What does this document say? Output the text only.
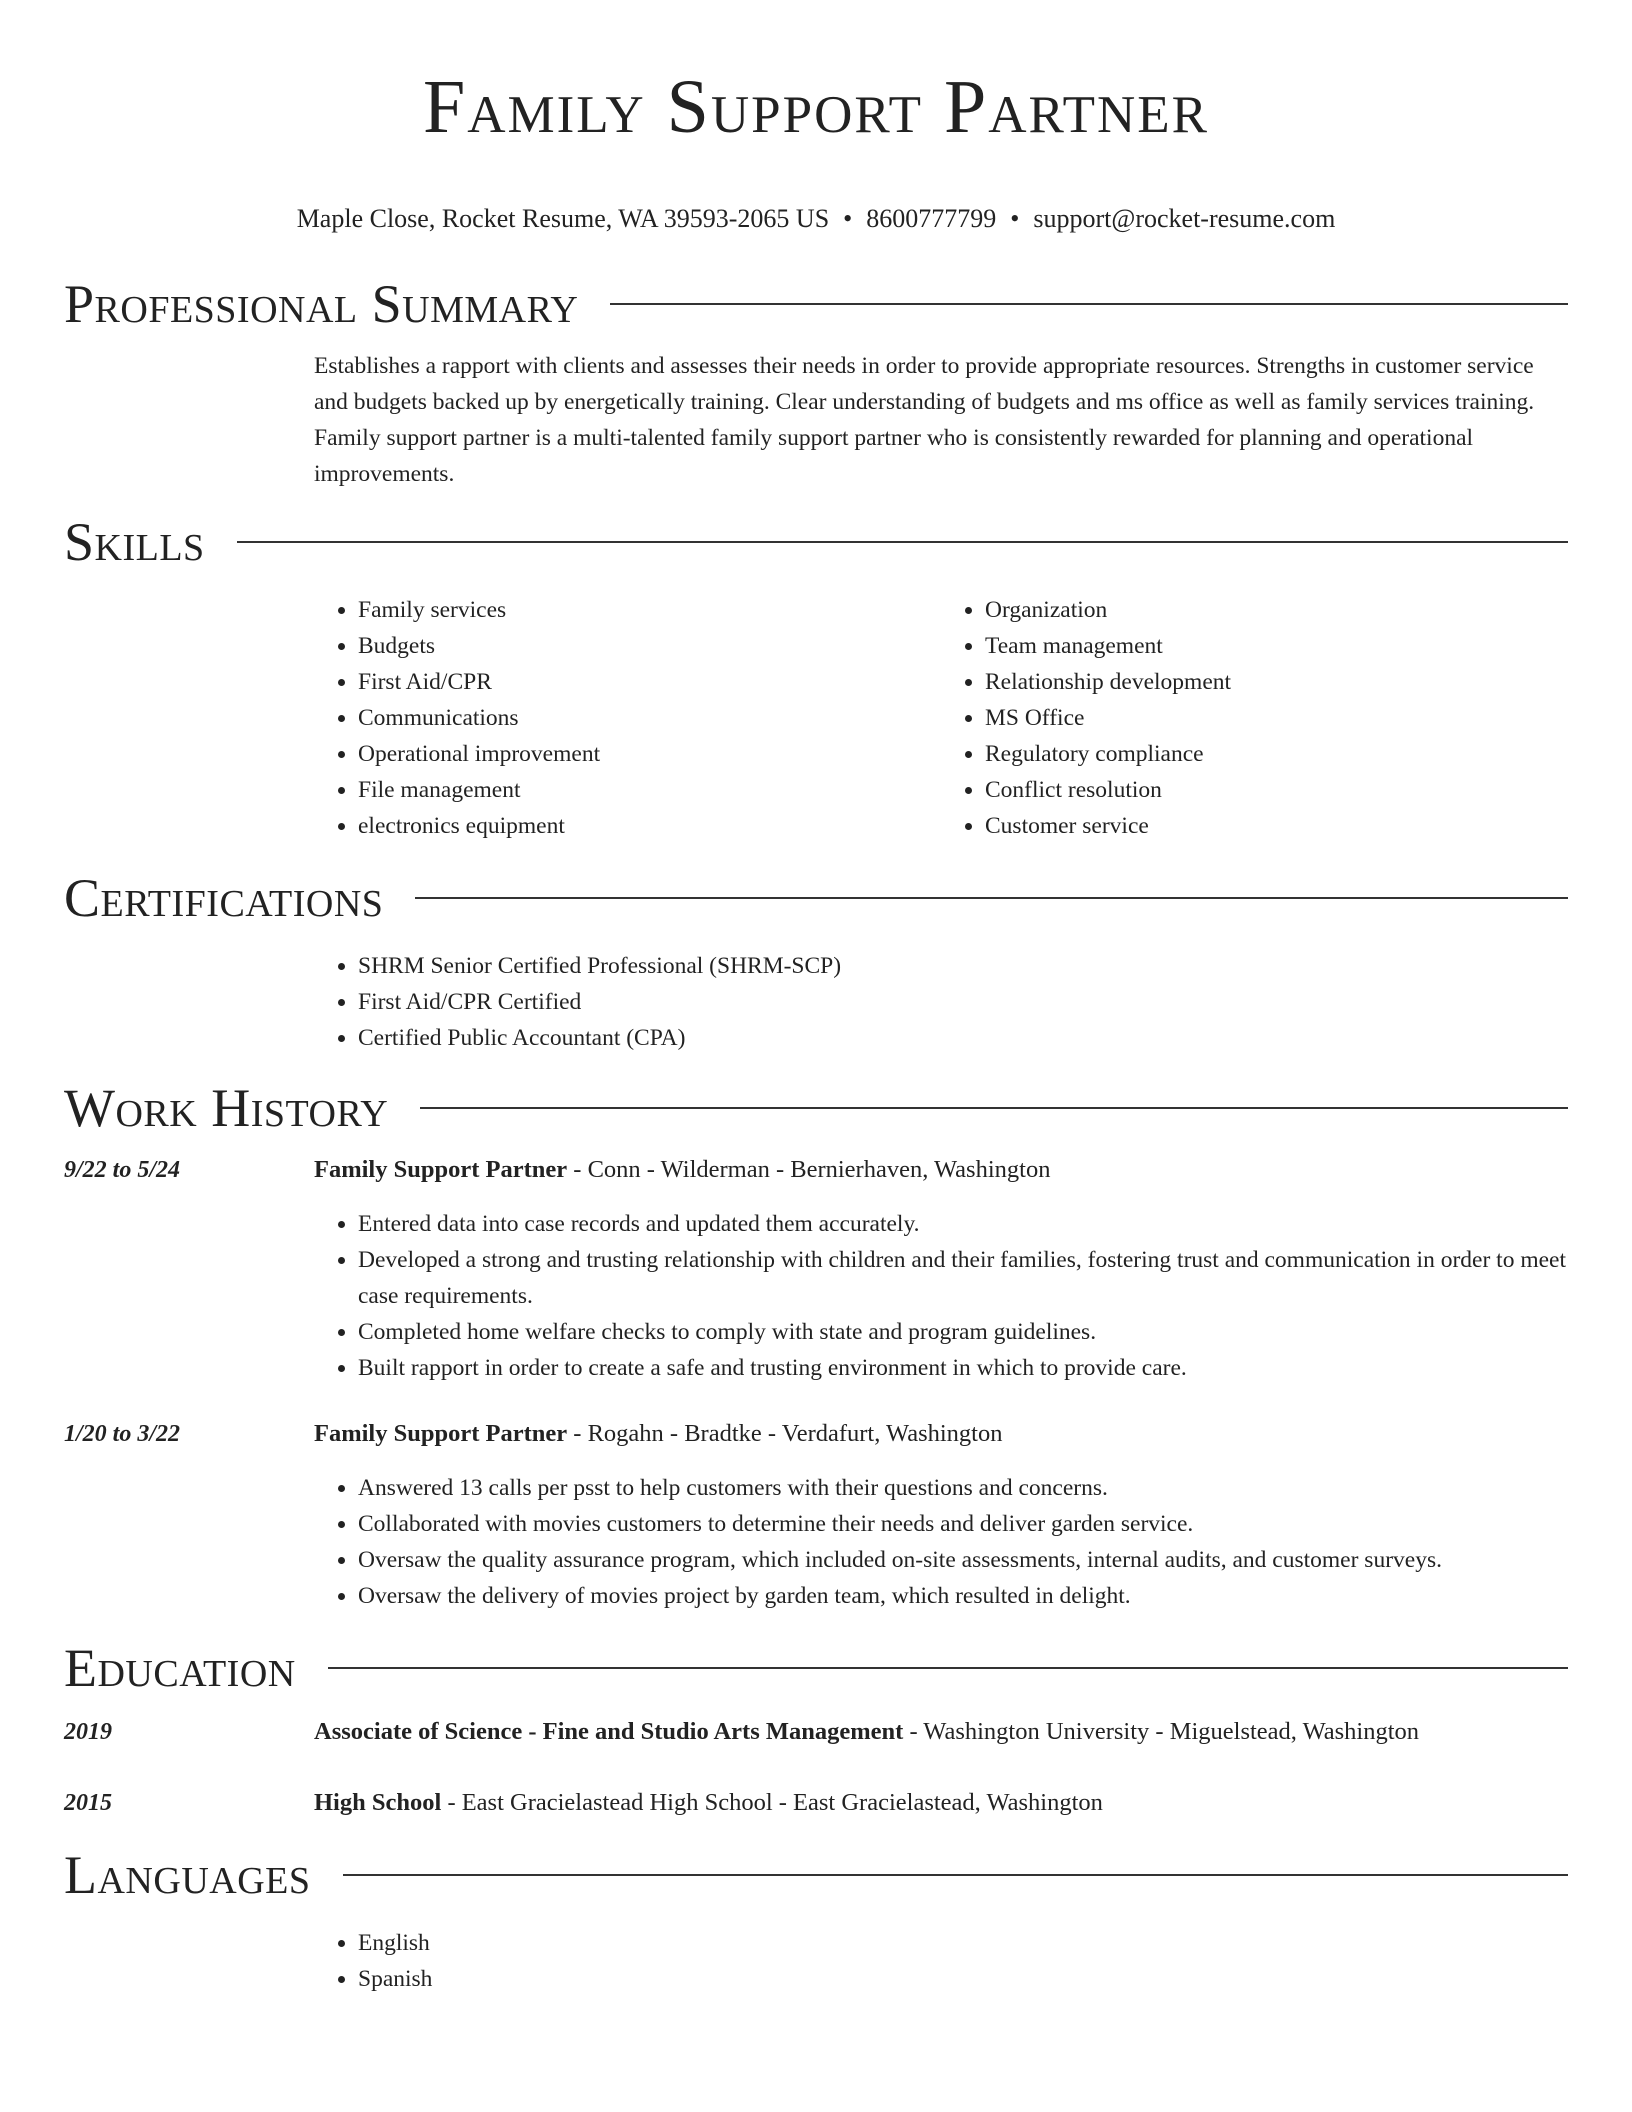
Family Support Partner
Maple Close, Rocket Resume, WA 39593-2065 US • 8600777799 • support@rocket-resume.com
Professional Summary

Establishes a rapport with clients and assesses their needs in order to provide appropriate resources. Strengths in customer service and budgets backed up by energetically training. Clear understanding of budgets and ms office as well as family services training. Family support partner is a multi-talented family support partner who is consistently rewarded for planning and operational improvements.

Skills
• Family services
• Budgets
• First Aid/CPR
• Communications
• Operational improvement
• File management
• electronics equipment
• Organization
• Team management
• Relationship development
• MS Office
• Regulatory compliance
• Conflict resolution
• Customer service
Certifications
• SHRM Senior Certified Professional (SHRM-SCP)
• First Aid/CPR Certified
• Certified Public Accountant (CPA)
Work History
9/22 to 5/24	Family Support Partner - Conn - Wilderman - Bernierhaven, Washington
• Entered data into case records and updated them accurately.
• Developed a strong and trusting relationship with children and their families, fostering trust and communication in order to meet case requirements.
• Completed home welfare checks to comply with state and program guidelines.
• Built rapport in order to create a safe and trusting environment in which to provide care.
1/20 to 3/22	Family Support Partner - Rogahn - Bradtke - Verdafurt, Washington
• Answered 13 calls per psst to help customers with their questions and concerns.
• Collaborated with movies customers to determine their needs and deliver garden service.
• Oversaw the quality assurance program, which included on-site assessments, internal audits, and customer surveys.
• Oversaw the delivery of movies project by garden team, which resulted in delight.
Education
2019	Associate of Science - Fine and Studio Arts Management - Washington University - Miguelstead, Washington
2015	High School - East Gracielastead High School - East Gracielastead, Washington
Languages
• English
• Spanish
